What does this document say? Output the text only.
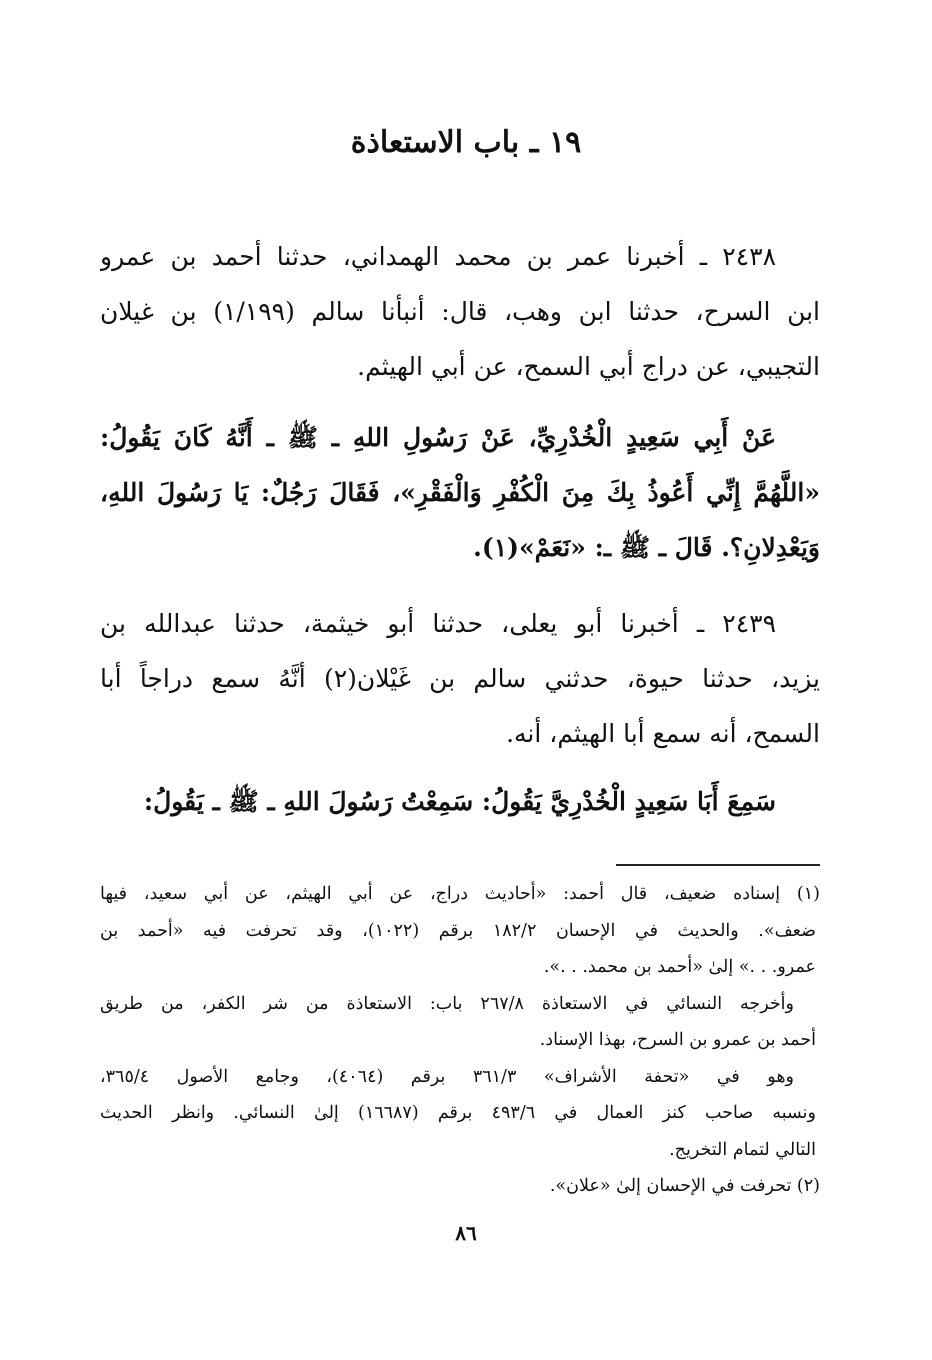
١٩ ـ باب الاستعاذة
٢٤٣٨ ـ أخبرنا عمر بن محمد الهمداني، حدثنا أحمد بن عمرو
ابن السرح، حدثنا ابن وهب، قال: أنبأنا سالم (١/١٩٩) بن غيلان
التجيبي، عن دراج أبي السمح، عن أبي الهيثم.
عَنْ أَبِي سَعِيدٍ الْخُدْرِيِّ، عَنْ رَسُولِ اللهِ ـ ﷺ ـ أَنَّهُ كَانَ يَقُولُ:
«اللَّهُمَّ إِنِّي أَعُوذُ بِكَ مِنَ الْكُفْرِ وَالْفَقْرِ»، فَقَالَ رَجُلٌ: يَا رَسُولَ اللهِ،
وَيَعْدِلانِ؟. قَالَ ـ ﷺ ـ: «نَعَمْ»(١).
٢٤٣٩ ـ أخبرنا أبو يعلى، حدثنا أبو خيثمة، حدثنا عبدالله بن
يزيد، حدثنا حيوة، حدثني سالم بن غَيْلان(٢) أنَّهُ سمع دراجاً أبا
السمح، أنه سمع أبا الهيثم، أنه.
سَمِعَ أَبَا سَعِيدٍ الْخُدْرِيَّ يَقُولُ: سَمِعْتُ رَسُولَ اللهِ ـ ﷺ ـ يَقُولُ:
(١) إسناده ضعيف، قال أحمد: «أحاديث دراج، عن أبي الهيثم، عن أبي سعيد، فيها
ضعف». والحديث في الإحسان ١٨٢/٢ برقم (١٠٢٢)، وقد تحرفت فيه «أحمد بن
عمرو. . .» إلىٰ «أحمد بن محمد. . .».
وأخرجه النسائي في الاستعاذة ٢٦٧/٨ باب: الاستعاذة من شر الكفر، من طريق
أحمد بن عمرو بن السرح، بهذا الإسناد.
وهو في «تحفة الأشراف» ٣٦١/٣ برقم (٤٠٦٤)، وجامع الأصول ٣٦٥/٤،
ونسبه صاحب كنز العمال في ٤٩٣/٦ برقم (١٦٦٨٧) إلىٰ النسائي. وانظر الحديث
التالي لتمام التخريج.
(٢) تحرفت في الإحسان إلىٰ «علان».
٨٦
